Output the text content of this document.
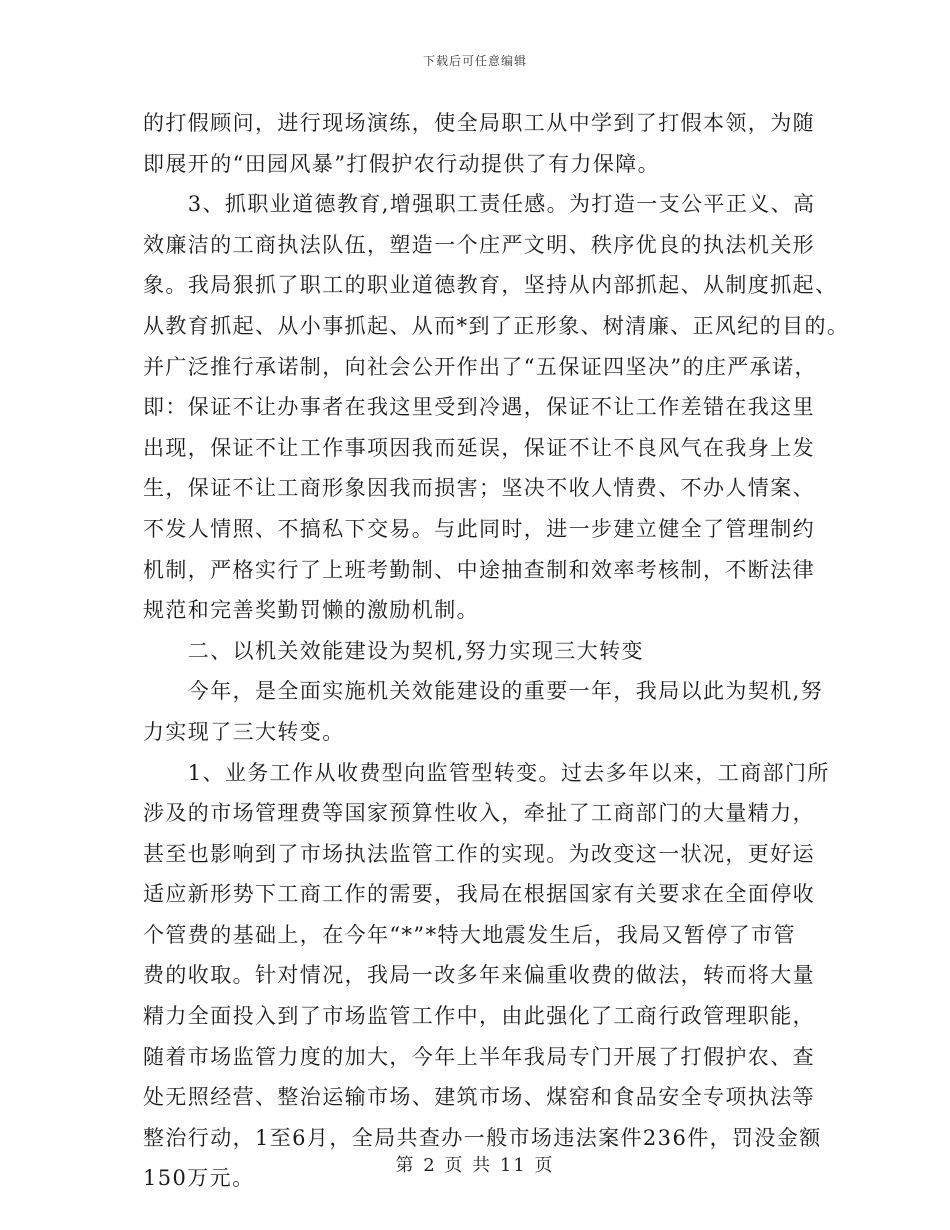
下载后可任意编辑
的打假顾问，进行现场演练，使全局职工从中学到了打假本领，为随
即展开的“田园风暴”打假护农行动提供了有力保障。
　　3、抓职业道德教育,增强职工责任感。为打造一支公平正义、高
效廉洁的工商执法队伍，塑造一个庄严文明、秩序优良的执法机关形
象。我局狠抓了职工的职业道德教育，坚持从内部抓起、从制度抓起、
从教育抓起、从小事抓起、从而*到了正形象、树清廉、正风纪的目的。
并广泛推行承诺制，向社会公开作出了“五保证四坚决”的庄严承诺，
即：保证不让办事者在我这里受到冷遇，保证不让工作差错在我这里
出现，保证不让工作事项因我而延误，保证不让不良风气在我身上发
生，保证不让工商形象因我而损害；坚决不收人情费、不办人情案、
不发人情照、不搞私下交易。与此同时，进一步建立健全了管理制约
机制，严格实行了上班考勤制、中途抽查制和效率考核制，不断法律
规范和完善奖勤罚懒的激励机制。
　　二、以机关效能建设为契机,努力实现三大转变
　　今年，是全面实施机关效能建设的重要一年，我局以此为契机,努
力实现了三大转变。
　　1、业务工作从收费型向监管型转变。过去多年以来，工商部门所
涉及的市场管理费等国家预算性收入，牵扯了工商部门的大量精力，
甚至也影响到了市场执法监管工作的实现。为改变这一状况，更好运
适应新形势下工商工作的需要，我局在根据国家有关要求在全面停收
个管费的基础上，在今年“*”*特大地震发生后，我局又暂停了市管
费的收取。针对情况，我局一改多年来偏重收费的做法，转而将大量
精力全面投入到了市场监管工作中，由此强化了工商行政管理职能，
随着市场监管力度的加大，今年上半年我局专门开展了打假护农、查
处无照经营、整治运输市场、建筑市场、煤窑和食品安全专项执法等
整治行动，1至6月，全局共查办一般市场违法案件236件，罚没金额
150万元。
第 2 页 共 11 页
